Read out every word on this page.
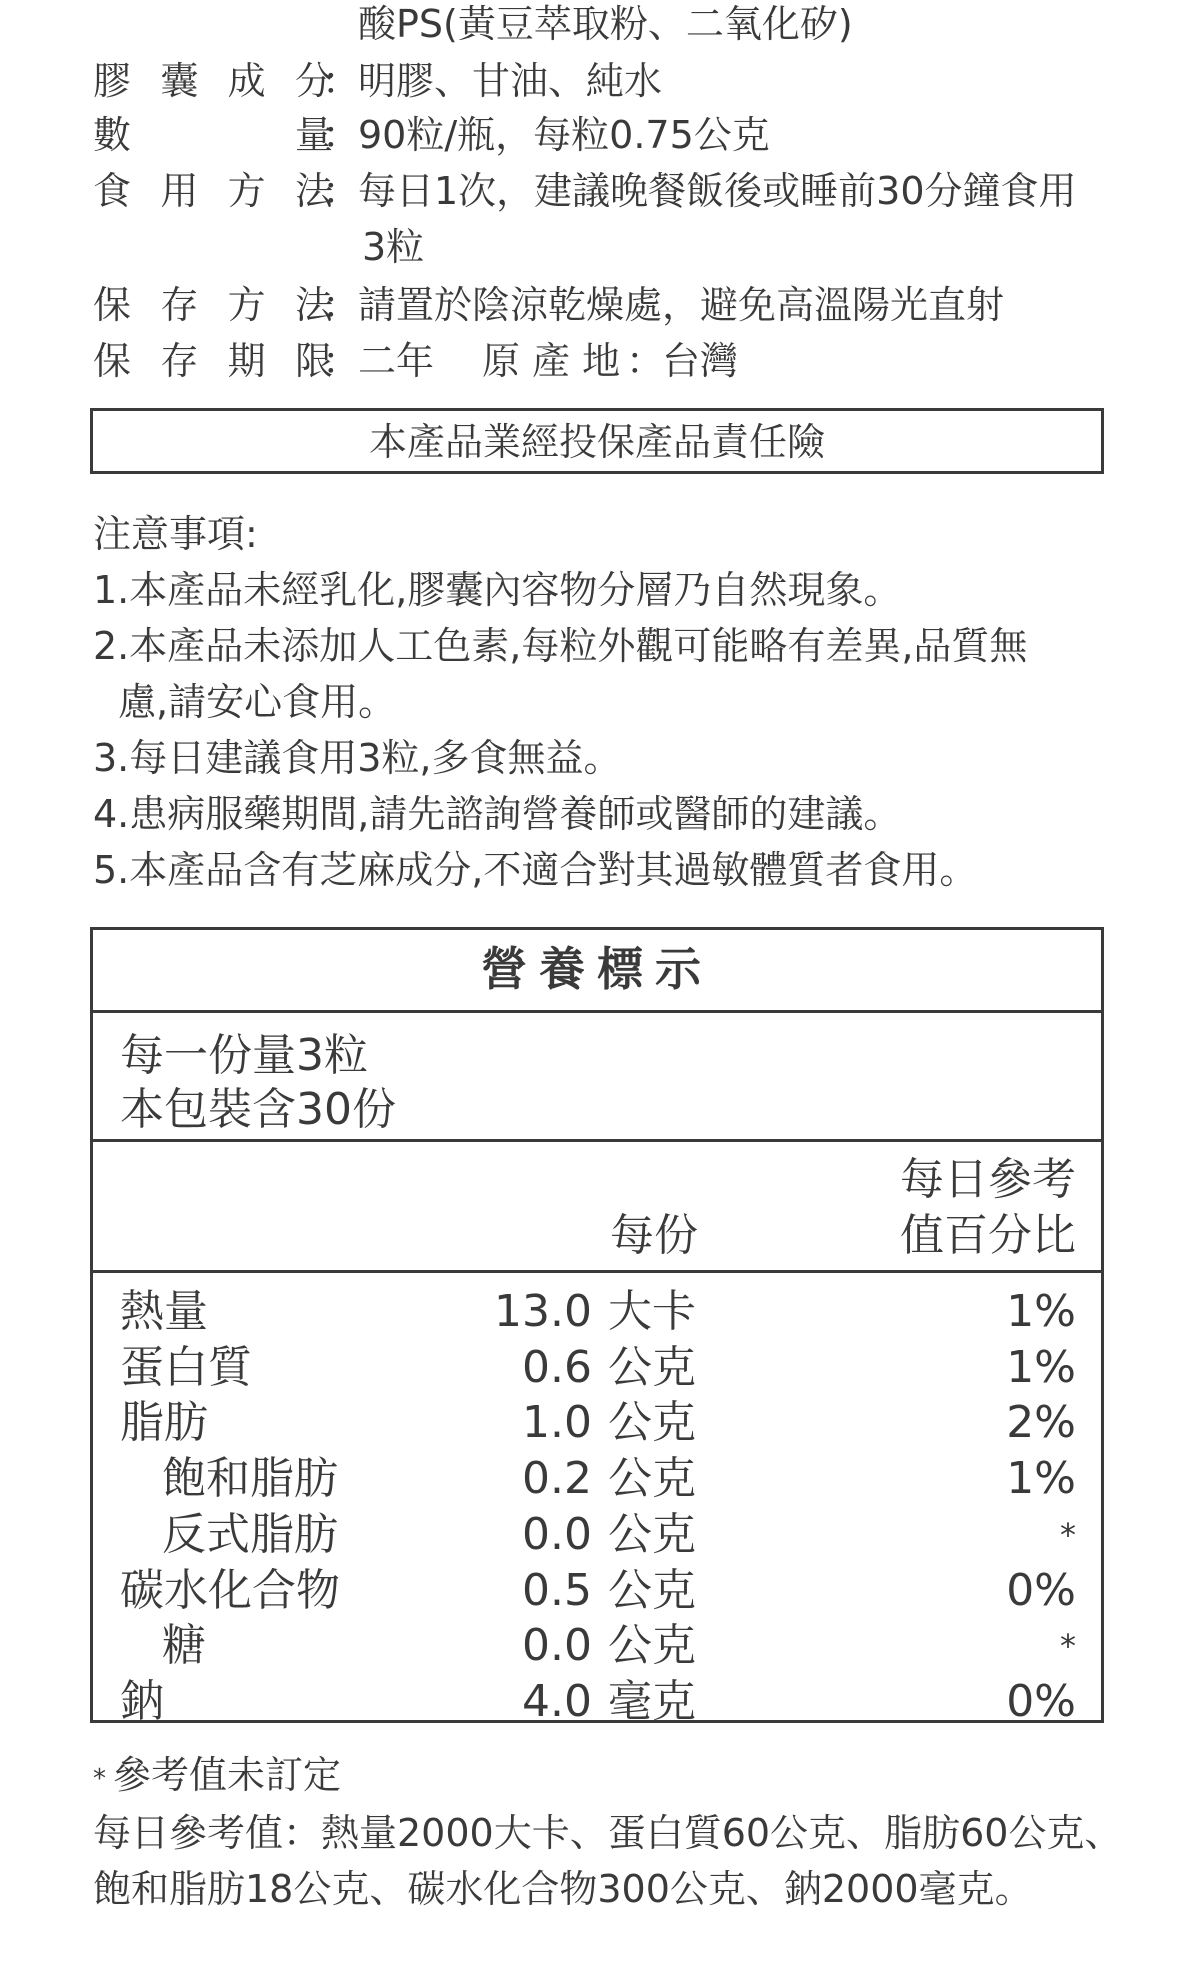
酸PS(黃豆萃取粉、二氧化矽)
膠 囊 成 分
：
明膠、甘油、純水
數	量
：
90粒/瓶，每粒0.75公克
食 用 方 法
：
每日1次，建議晚餐飯後或睡前30分鐘食用
3粒
保 存 方 法
：
請置於陰涼乾燥處，避免高溫陽光直射
保 存 期 限
：
二年 原 產 地 ：
台灣
本產品業經投保產品責任險
注意事項:
1.本產品未經乳化,膠囊內容物分層乃自然現象。
2.本產品未添加人工色素,每粒外觀可能略有差異,品質無
慮,請安心食用。
3.每日建議食用3粒,多食無益。
4.患病服藥期間,請先諮詢營養師或醫師的建議。
5.本產品含有芝麻成分,不適合對其過敏體質者食用。
營養標示
每一份量3粒
本包裝含30份
每日參考
每份	值百分比
熱量	13.0 大卡	1%
蛋白質	0.6 公克	1%
脂肪	1.0 公克	2%
飽和脂肪	0.2 公克	1%
反式脂肪	0.0 公克	*
碳水化合物	0.5 公克	0%
糖	0.0 公克	*
鈉	4.0 毫克	0%
* 參考值未訂定
每日參考值：熱量2000大卡、蛋白質60公克、脂肪60公克、
飽和脂肪18公克、碳水化合物300公克、鈉2000毫克。
